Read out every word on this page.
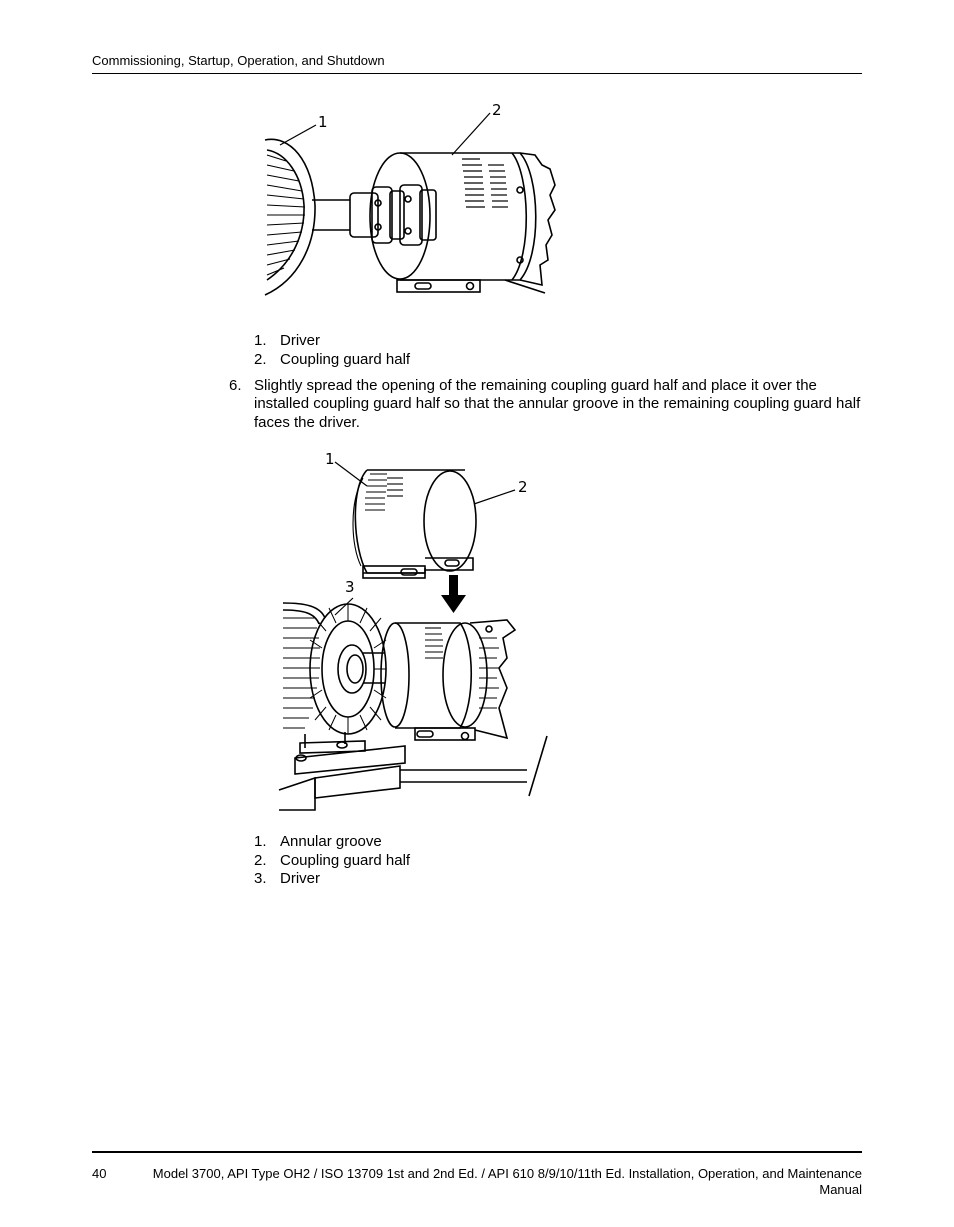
Commissioning, Startup, Operation, and Shutdown
1
2
1. Driver
2. Coupling guard half
6. Slightly spread the opening of the remaining coupling guard half and place it over the installed coupling guard half so that the annular groove in the remaining coupling guard half faces the driver.
1
2
3
1. Annular groove
2. Coupling guard half
3. Driver
40	Model 3700, API Type OH2 / ISO 13709 1st and 2nd Ed. / API 610 8/9/10/11th Ed. Installation, Operation, and Maintenance Manual
